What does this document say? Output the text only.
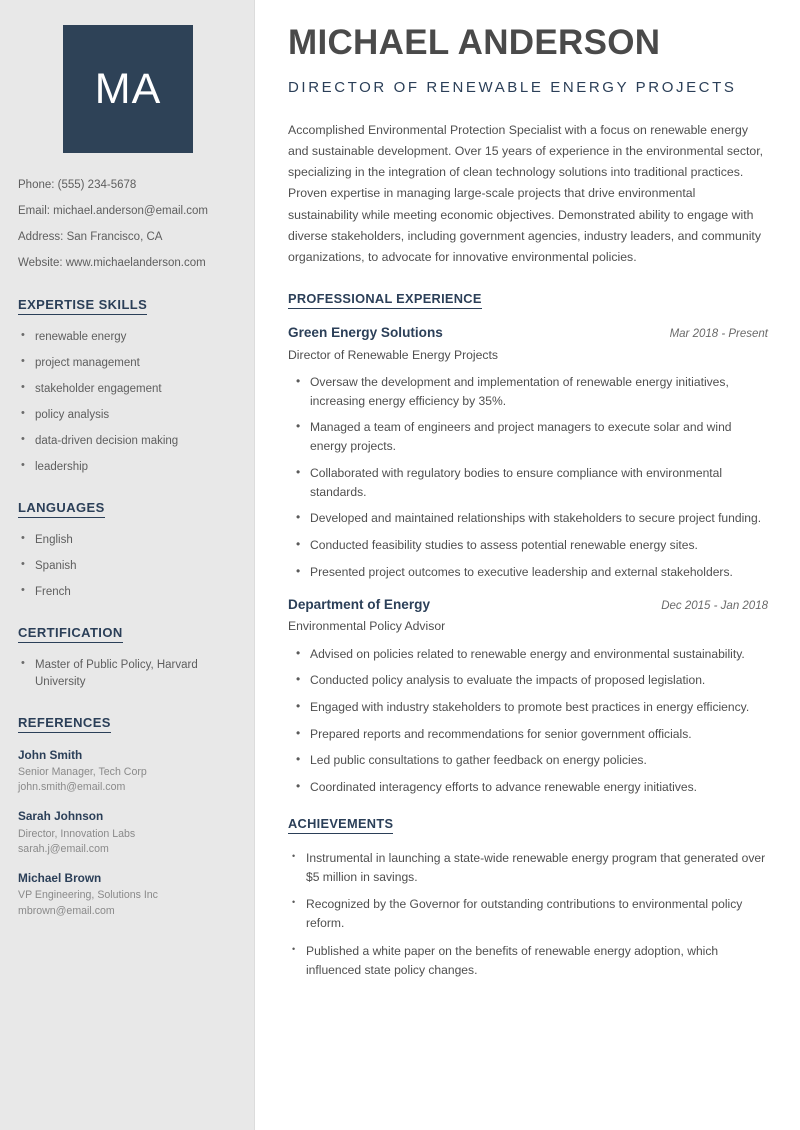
MA
Phone: (555) 234-5678
Email: michael.anderson@email.com
Address: San Francisco, CA
Website: www.michaelanderson.com
EXPERTISE SKILLS
• renewable energy
• project management
• stakeholder engagement
• policy analysis
• data-driven decision making
• leadership
LANGUAGES
• English
• Spanish
• French
CERTIFICATION
• Master of Public Policy, Harvard University
REFERENCES
John Smith
Senior Manager, Tech Corp
john.smith@email.com
Sarah Johnson
Director, Innovation Labs
sarah.j@email.com
Michael Brown
VP Engineering, Solutions Inc
mbrown@email.com
MICHAEL ANDERSON
DIRECTOR OF RENEWABLE ENERGY PROJECTS
Accomplished Environmental Protection Specialist with a focus on renewable energy and sustainable development. Over 15 years of experience in the environmental sector, specializing in the integration of clean technology solutions into traditional practices. Proven expertise in managing large-scale projects that drive environmental sustainability while meeting economic objectives. Demonstrated ability to engage with diverse stakeholders, including government agencies, industry leaders, and community organizations, to advocate for innovative environmental policies.
PROFESSIONAL EXPERIENCE
Green Energy Solutions	Mar 2018 - Present
Director of Renewable Energy Projects
• Oversaw the development and implementation of renewable energy initiatives, increasing energy efficiency by 35%.
• Managed a team of engineers and project managers to execute solar and wind energy projects.
• Collaborated with regulatory bodies to ensure compliance with environmental standards.
• Developed and maintained relationships with stakeholders to secure project funding.
• Conducted feasibility studies to assess potential renewable energy sites.
• Presented project outcomes to executive leadership and external stakeholders.
Department of Energy	Dec 2015 - Jan 2018
Environmental Policy Advisor
• Advised on policies related to renewable energy and environmental sustainability.
• Conducted policy analysis to evaluate the impacts of proposed legislation.
• Engaged with industry stakeholders to promote best practices in energy efficiency.
• Prepared reports and recommendations for senior government officials.
• Led public consultations to gather feedback on energy policies.
• Coordinated interagency efforts to advance renewable energy initiatives.
ACHIEVEMENTS
• Instrumental in launching a state-wide renewable energy program that generated over $5 million in savings.
• Recognized by the Governor for outstanding contributions to environmental policy reform.
• Published a white paper on the benefits of renewable energy adoption, which influenced state policy changes.
